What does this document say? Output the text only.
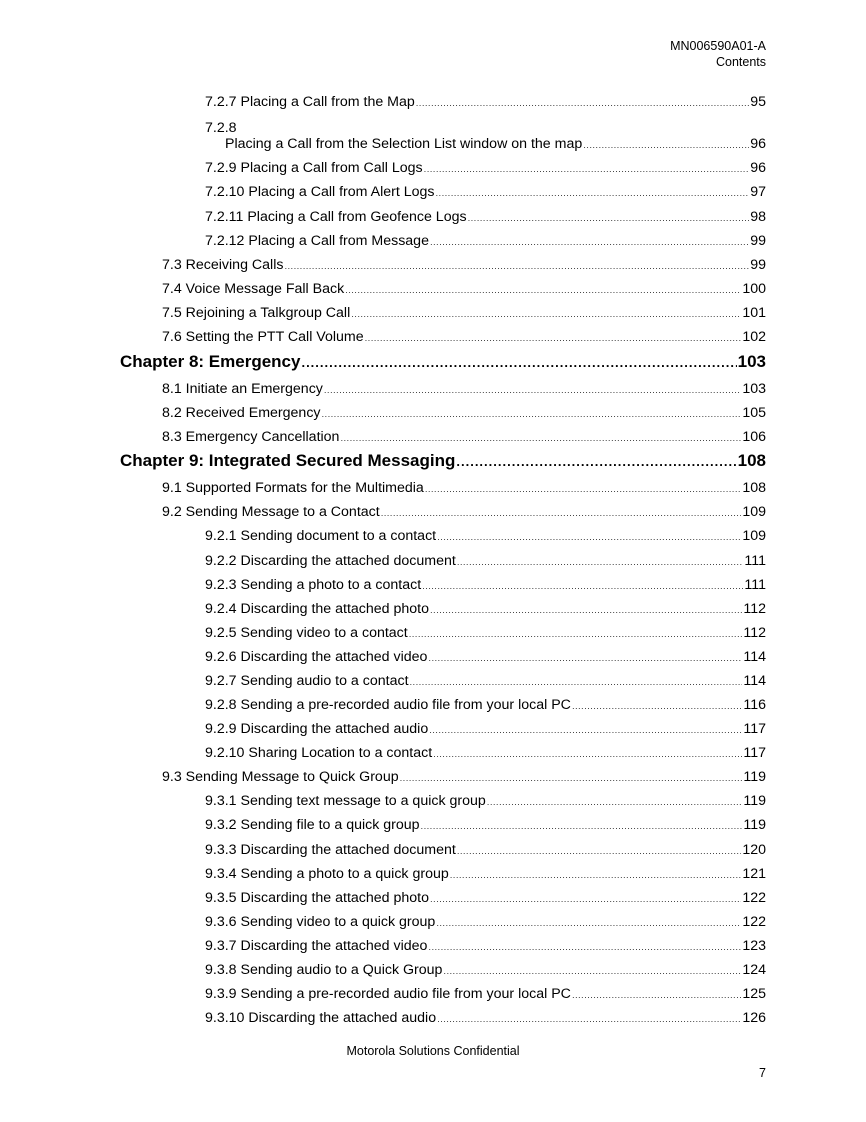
MN006590A01-A
Contents
7.2.7 Placing a Call from the Map .....	95
7.2.8
Placing a Call from the Selection List window on the map .....	96
7.2.9 Placing a Call from Call Logs .....	96
7.2.10 Placing a Call from Alert Logs .....	97
7.2.11 Placing a Call from Geofence Logs .....	98
7.2.12 Placing a Call from Message .....	99
7.3 Receiving Calls .....	99
7.4 Voice Message Fall Back .....	100
7.5 Rejoining a Talkgroup Call .....	101
7.6 Setting the PTT Call Volume .....	102
Chapter 8: Emergency .....	103
8.1 Initiate an Emergency .....	103
8.2 Received Emergency .....	105
8.3 Emergency Cancellation .....	106
Chapter 9: Integrated Secured Messaging .....	108
9.1 Supported Formats for the Multimedia .....	108
9.2 Sending Message to a Contact .....	109
9.2.1 Sending document to a contact .....	109
9.2.2 Discarding the attached document .....	111
9.2.3 Sending a photo to a contact .....	111
9.2.4 Discarding the attached photo .....	112
9.2.5 Sending video to a contact .....	112
9.2.6 Discarding the attached video .....	114
9.2.7 Sending audio to a contact .....	114
9.2.8 Sending a pre-recorded audio file from your local PC .....	116
9.2.9 Discarding the attached audio .....	117
9.2.10 Sharing Location to a contact .....	117
9.3 Sending Message to Quick Group .....	119
9.3.1 Sending text message to a quick group .....	119
9.3.2 Sending file to a quick group .....	119
9.3.3 Discarding the attached document .....	120
9.3.4 Sending a photo to a quick group .....	121
9.3.5 Discarding the attached photo .....	122
9.3.6 Sending video to a quick group .....	122
9.3.7 Discarding the attached video .....	123
9.3.8 Sending audio to a Quick Group .....	124
9.3.9 Sending a pre-recorded audio file from your local PC .....	125
9.3.10 Discarding the attached audio .....	126
Motorola Solutions Confidential
7
